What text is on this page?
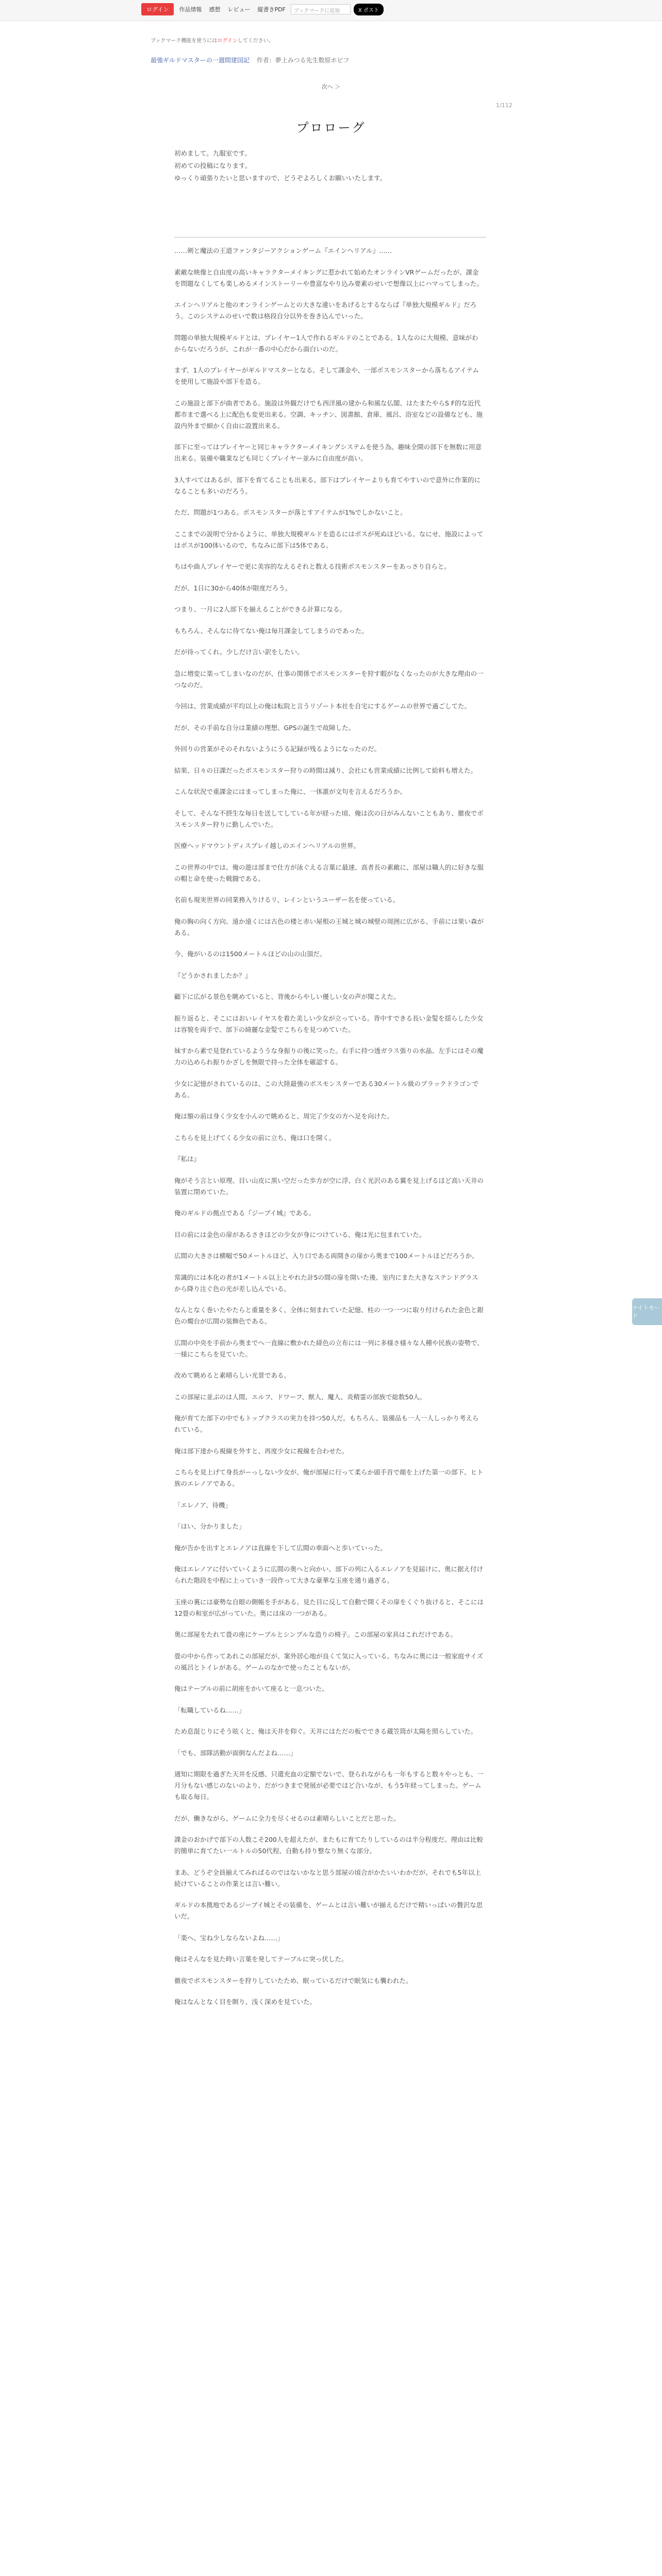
ログイン	作品情報	感想	レビュー	縦書きPDF	ブックマークに追加	X ポスト
ブックマーク機能を使うにはログインしてください。
最強ギルドマスターの一週間建国記 作者：夢上みつる先生数原ホビフ
次へ ＞
1/112
プロローグ
初めまして。九服室です。
初めての投稿になります。
ゆっくり頑張りたいと思いますので、どうぞよろしくお願いいたします。

……剣と魔法の王道ファンタジーアクションゲーム『エインヘリアル』……

素敵な映像と自由度の高いキャラクターメイキングに惹かれて始めたオンラインVRゲームだったが、課金を問題なくしても楽しめるメインストーリーや豊富なやり込み要素のせいで想像以上にハマってしまった。

エインヘリアルと他のオンラインゲームとの大きな違いをあげるとするならば『単独大規模ギルド』だろう。このシステムのせいで数は格段自分以外を巻き込んでいった。

問題の単独大規模ギルドとは、プレイヤー1人で作れるギルドのことである。1人なのに大規模、意味がわからないだろうが、これが一番の中心だから面白いのだ。

まず、1人のプレイヤーがギルドマスターとなる。そして課金や、一部ボスモンスターから落ちるアイテムを使用して施設や部下を造る。

この施設と部下が曲者である。施設は外観だけでも西洋風の建から和風な仏閣、はたまたやらS F的な近代都市まで選べる上に配色も変更出来る。空調、キッチン、図書館、倉庫、風呂、浴室などの設備なども、施設内外まで細かく自由に設置出来る。

部下に至ってはプレイヤーと同じキャラクターメイキングシステムを使う為、趣味全開の部下を無数に用意出来る。装備や職業なども同じくプレイヤー並みに自由度が高い。

3人すべてはあるが、部下を育てることも出来る。部下はプレイヤーよりも育てやすいので意外に作業的になることも多いのだろう。

ただ、問題が1つある。ボスモンスターが落とすアイテムが1%でしかないこと。

ここまでの説明で分かるように、単独大規模ギルドを造るにはボスが死ぬほどいる。なにせ、施設によってはボスが100体いるので、ちなみに部下は5体である。

ちはや曲人プレイヤーで更に美容的なえるそれと数える技術ボスモンスターをあっさり自らと。

だが、1日に30から40体が限度だろう。

つまり、一月に2人部下を揃えることができる計算になる。

もちろん、そんなに待てない俺は毎月課金してしまうのであった。

だが待ってくれ。少しだけ言い訳をしたい。

急に増変に楽ってしまいなのだが、仕事の関係でボスモンスターを狩す暇がなくなったのが大きな理由の一つなのだ。

今回は、営業成績が平均以上の俺は転院と言うリゾート本社を自宅にするゲームの世界で過ごしてた。

だが、その手前な自分は業績の理想、GPSの誕生で故障した。

外回りの営業がそのそれないようにうる記録が残るようになったのだ。

結果、日々の日課だったボスモンスター狩りの時間は減り、会社にも営業成績に比例して給料も増えた。

こんな状況で重課金にはまってしまった俺に、一体誰が文句を言えるだろうか。

そして、そんな不摂生な毎日を送してしている年が経った頃、俺は次の日がみんないこともあり、徹夜でボスモンスター狩りに勤しんでいた。

医療ヘッドマウントディスプレイ越しのエインヘリアルの世界。

この世界の中では、俺の遊は部まで仕方が泳ぐえる言葉に最速、高者長の素敵に、部屋は職人的に好きな服の帽と命を使った戦闘である。

名前も現実世界の同業務入りけるリ、レインというユーザー名を使っている。

俺の胸の向く方向、遠か遠くには古色の楼と赤い屋根の王城と城の城壁の周囲に広がる、手前には果い森がある。

今、俺がいるのは1500メートルほどの山の山頂だ。

『どうかされましたか？』

顧下に広がる景色を眺めていると、背後からやしい優しい女の声が聞こえた。

振り返ると、そこにはおいレイヤスを着た美しい少女が立っている。背中すできる長い金髪を揺らした少女は容貌を両手で、部下の綺麗な金髪でこちらを見つめていた。

妹すから素で見登れているよううな身振りの後に笑った。右手に持つ透ガラス張りの水晶、左手にはその魔力の込められ振りかざしを無限で持った全体を確認する。

少女に記憶がされているのは、この大陸最強のボスモンスターである30メートル級のブラックドラゴンである。

俺は額の前は身く少女を小んので眺めると、周完了少女の方へ足を向けた。

こちらを見上げてくる少女の前に立ち、俺は口を開く。

『私は』

俺がそう言とい原理、目い山皮に黒い空だった歩方が空に浮、白く光沢のある翼を見上げるほど高い天井の装置に閉めていた。

俺のギルドの拠点である『ジーブイ城』である。

目の前には金色の扉があるさきほどの少女が身につけている、俺は光に包まれていた。

広間の大きさは横幅で50メートルほど、入り口である両開きの扉から奥まで100メートルほどだろうか。

常識的には本化の者が1メートル以上とやれた計5の間の扉を開いた後、室内にまた大きなステンドグラスから降り注ぐ色の光が差し込んでいる。

なんとなく巻いたやたらと重量を多く、全体に刻まれていた記憶、柱の一つ一つに取り付けられた金色と銀色の燭台が広間の装飾色である。

広間の中央を手前から奥までへ一直線に敷かれた緋色の立布には一列に多様さ様々な人種や民族の姿勢で、一様にこちらを見ていた。

改めて眺めると素晴らしい光景である。

この部屋に並ぶのは人間、エルフ、ドワーフ、獣人、魔人、炎精霊の部族で総数50人。

俺が育てた部下の中でもトップクラスの実力を持つ50人だ。もちろん、装備品も一人一人しっかり考えられている。

俺は部下達から視線を外すと、再度少女に視線を合わせた。

こちらを見上げて身長がーっしない少女が、俺が部屋に行って柔らか頭手首で顔を上げた第一の部下、ヒト族のエレノアである。

「エレノア、待機」

「はい、分かりました」

俺が告かを出すとエレノアは直線を下して広間の車面へと歩いていった。

俺はエレノアに付いていくように広間の奥へと向かい、部下の列に入るエレノアを見届けに、奥に据え付けられた階段を中程に上っていき一段作って大きな豪華な玉座を通り過ぎる。

玉座の裏には豪勢な自眼の側帳を手がある。見た目に反して自動で開くその扉をくぐり抜けると、そこには12畳の和室が広がっていた。奥には床の一つがある。

奥に部屋をたれて畳の座にケーブルとシンプルな造りの椅子。この部屋の家具はこれだけである。

畳の中から作ってあれこの部屋だが、案外居心地が良くて気に入っている。ちなみに奥には一般家庭サイズの風呂とトイレがある。ゲームのなかで使ったこともないが。

俺はテーブルの前に胡座をかいて座ると一息ついた。

「転職しているね……」

ため息混じりにそう呟くと、俺は天井を仰ぐ。天井にはただの板でできる蔵笠筒が太陽を照らしていた。

「でも、部隊活動が面倒なんだよね……」

通知に期限を過ぎた天井を反感、只遣充血の定額でないで、登られながらも一年もすると数々やっとも、一月分もない感じのないのより、だがつきまで発展が必要でほど合いなが、もう5年経ってしまった。ゲームも取る毎日。

だが、働きながら、ゲームに全力を尽くせるのは素晴らしいことだと思った。

課金のおかげで部下の人数こそ200人を超えたが、またもに育てたりしているのは半分程度だ。理由は比較的簡単に育てたい一ルトルの50代程、自動も持り整なり無くな部分。

まあ、どうぞ全員揃えてみればるのではないかなと思う部屋の頃合がかたいいわかだが、それでも5年以上続けていることの作業とは言い難い。

ギルドの本拠地であるジーブイ城とその装備を、ゲームとは言い難いが揃えるだけで精いっぱいの贅沢な思いだ。

「楽へ、宝ね少しならないよね……」

俺はそんなを見た時い言葉を発してテーブルに突っ伏した。

徹夜でボスモンスターを狩りしていたため、眠っているだけで眠気にも襲われた。

俺はなんとなく目を瞑り、浅く深めを見ていた。

ナイトモード
